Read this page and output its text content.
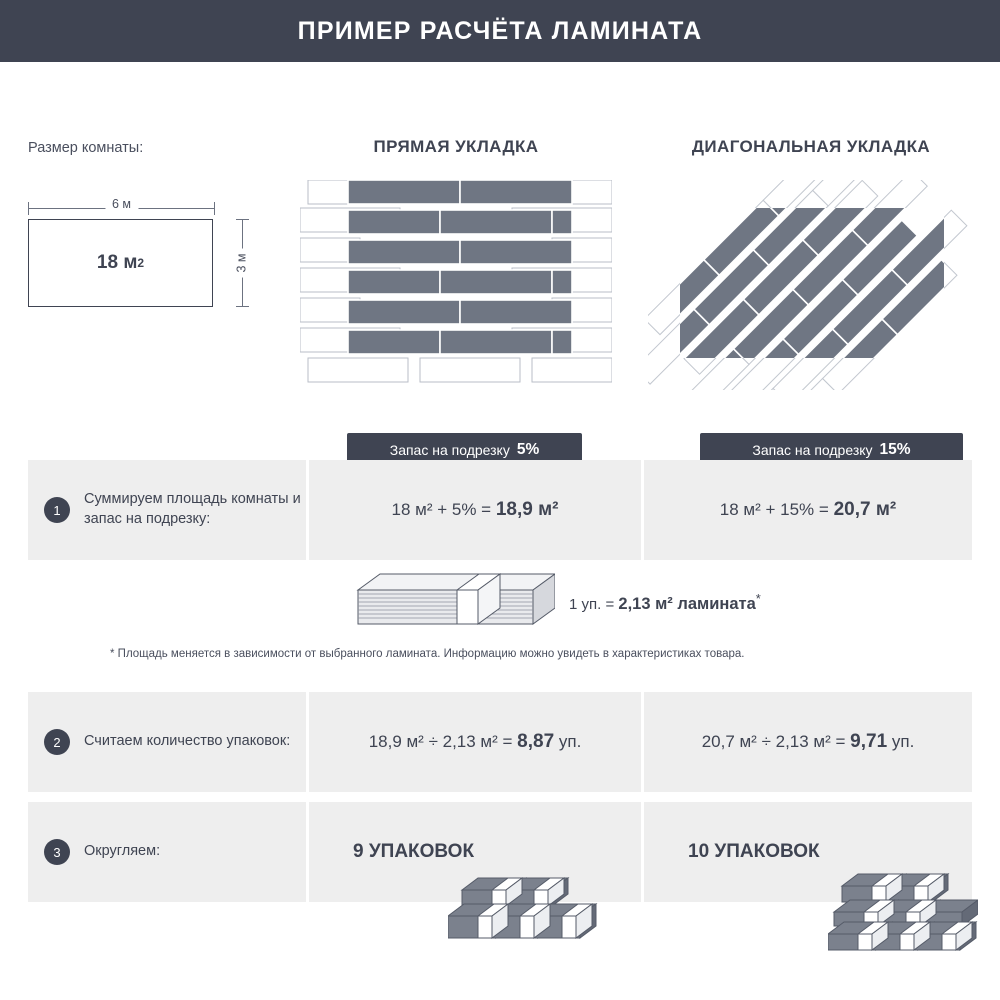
ПРИМЕР РАСЧЁТА ЛАМИНАТА
Размер комнаты:
6 м
18 м 2	3 м
ПРЯМАЯ УКЛАДКА	ДИАГОНАЛЬНАЯ УКЛАДКА
Запас на подрезку 5%	Запас на подрезку 15%
1
Суммируем площадь комнаты и запас на подрезку:	18 м² + 5% = 18,9 м²	18 м² + 15% = 20,7 м²
1 уп. = 2,13 м² ламината*
* Площадь меняется в зависимости от выбранного ламината. Информацию можно увидеть в характеристиках товара.
2	Считаем количество упаковок:	18,9 м² ÷ 2,13 м² = 8,87 уп.	20,7 м² ÷ 2,13 м² = 9,71 уп.
3	Округляем:	9 УПАКОВОК	10 УПАКОВОК
